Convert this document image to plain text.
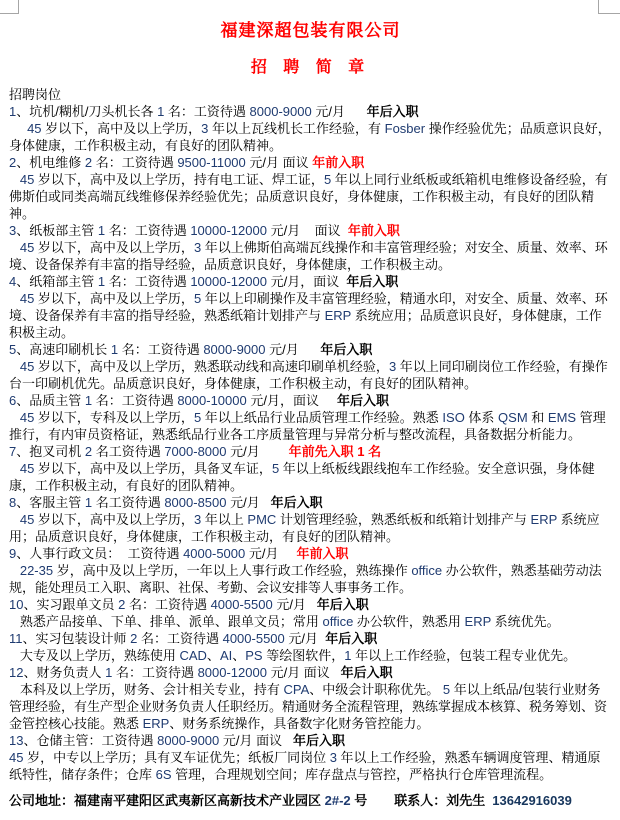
福建深超包装有限公司
招 聘 简 章
招聘岗位
1、坑机/糊机/刀头机长各 1 名：工资待遇 8000-9000 元/月      年后入职
45 岁以下，高中及以上学历，3 年以上瓦线机长工作经验，有 Fosber 操作经验优先；品质意识良好，身体健康，工作积极主动，有良好的团队精神。
2、机电维修 2 名：工资待遇 9500-11000 元/月 面议 年前入职
45 岁以下，高中及以上学历，持有电工证、焊工证，5 年以上同行业纸板或纸箱机电维修设备经验，有佛斯伯或同类高端瓦线维修保养经验优先；品质意识良好，身体健康，工作积极主动，有良好的团队精神。
3、纸板部主管 1 名：工资待遇 10000-12000 元/月    面议  年前入职
45 岁以下，高中及以上学历，3 年以上佛斯伯高端瓦线操作和丰富管理经验；对安全、质量、效率、环境、设备保养有丰富的指导经验，品质意识良好，身体健康，工作积极主动。
4、纸箱部主管 1 名：工资待遇 10000-12000 元/月，面议  年后入职
45 岁以下，高中及以上学历，5 年以上印刷操作及丰富管理经验，精通水印，对安全、质量、效率、环境、设备保养有丰富的指导经验，熟悉纸箱计划排产与 ERP 系统应用；品质意识良好，身体健康，工作积极主动。
5、高速印刷机长 1 名：工资待遇 8000-9000 元/月      年后入职
45 岁以下，高中及以上学历，熟悉联动线和高速印刷单机经验，3 年以上同印刷岗位工作经验，有操作台一印刷机优先。品质意识良好，身体健康，工作积极主动，有良好的团队精神。
6、品质主管 1 名：工资待遇 8000-10000 元/月，面议     年后入职
45 岁以下，专科及以上学历，5 年以上纸品行业品质管理工作经验。熟悉 ISO 体系 QSM 和 EMS 管理推行，有内审员资格证，熟悉纸品行业各工序质量管理与异常分析与整改流程，具备数据分析能力。
7、抱叉司机 2 名工资待遇 7000-8000 元/月        年前先入职 1 名
45 岁以下，高中及以上学历，具备叉车证，5 年以上纸板线跟线抱车工作经验。安全意识强，身体健康，工作积极主动，有良好的团队精神。
8、客服主管 1 名工资待遇 8000-8500 元/月   年后入职
45 岁以下，高中及以上学历，3 年以上 PMC 计划管理经验，熟悉纸板和纸箱计划排产与 ERP 系统应用；品质意识良好，身体健康，工作积极主动，有良好的团队精神。
9、人事行政文员：  工资待遇 4000-5000 元/月     年前入职
22-35 岁，高中及以上学历，一年以上人事行政工作经验，熟练操作 office 办公软件，熟悉基础劳动法规，能处理员工入职、离职、社保、考勤、会议安排等人事事务工作。
10、实习跟单文员 2 名：工资待遇 4000-5500 元/月   年后入职
熟悉产品接单、下单、排单、派单、跟单文员；常用 office 办公软件，熟悉用 ERP 系统优先。
11、实习包装设计师 2 名：工资待遇 4000-5500 元/月  年后入职
大专及以上学历，熟练使用 CAD、AI、PS 等绘图软件，1 年以上工作经验，包装工程专业优先。
12、财务负责人 1 名：工资待遇 8000-12000 元/月 面议   年后入职
本科及以上学历，财务、会计相关专业，持有 CPA、中级会计职称优先。 5 年以上纸品/包装行业财务管理经验，有生产型企业财务负责人任职经历。精通财务全流程管理，熟练掌握成本核算、税务筹划、资金管控核心技能。熟悉 ERP、财务系统操作，具备数字化财务管控能力。
13、仓储主管：工资待遇 8000-9000 元/月 面议   年后入职
45 岁，中专以上学历；具有叉车证优先；纸板厂同岗位 3 年以上工作经验，熟悉车辆调度管理、精通原纸特性，储存条件；仓库 6S 管理，合理规划空间；库存盘点与管控，严格执行仓库管理流程。
公司地址：福建南平建阳区武夷新区高新技术产业园区 2#-2 号 联系人：刘先生 13642916039
